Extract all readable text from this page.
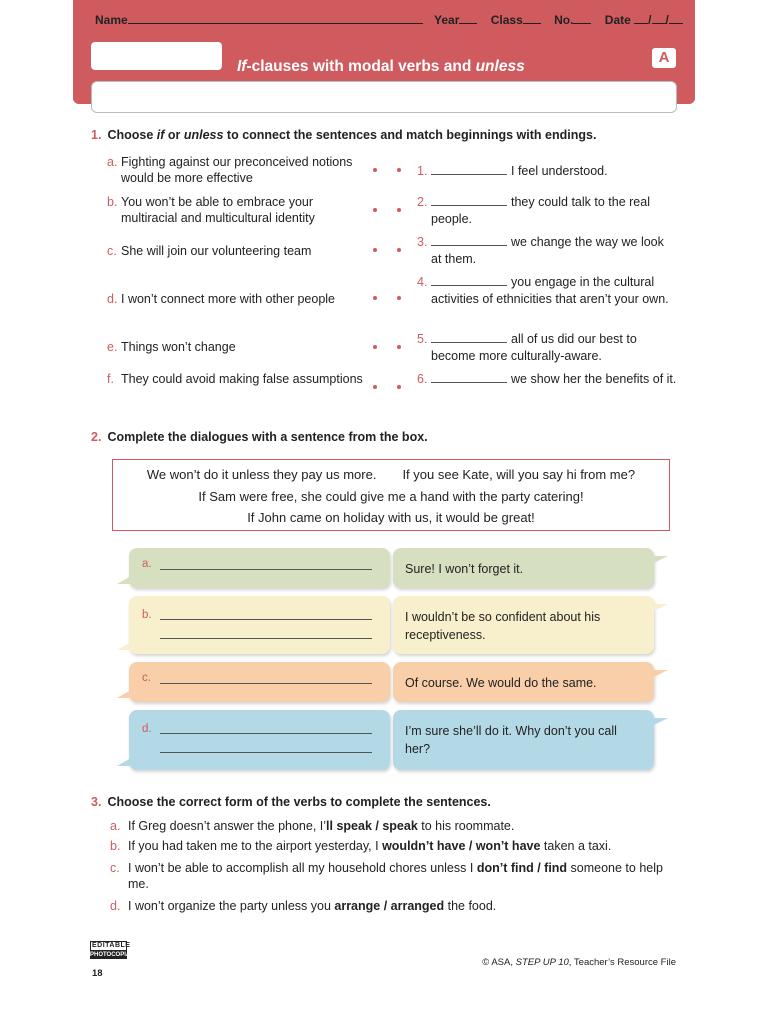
Name	Year	Class	No.	Date / /
If-clauses with modal verbs and unless
A
1. Choose if or unless to connect the sentences and match beginnings with endings.
a. Fighting against our preconceived notions would be more effective
b. You won’t be able to embrace your multiracial and multicultural identity
c. She will join our volunteering team
d. I won’t connect more with other people
e. Things won’t change
f. They could avoid making false assumptions
1.	I feel understood.
2.	they could talk to the real people.
3.	we change the way we look at them.
4.	you engage in the cultural activities of ethnicities that aren’t your own.
5.	all of us did our best to become more culturally-aware.
6.	we show her the benefits of it.
2. Complete the dialogues with a sentence from the box.
We won’t do it unless they pay us more. If you see Kate, will you say hi from me?
If Sam were free, she could give me a hand with the party catering!
If John came on holiday with us, it would be great!
a.	Sure! I won’t forget it.
b.	I wouldn’t be so confident about his receptiveness.
c.	Of course. We would do the same.
d.	I’m sure she’ll do it. Why don’t you call her?
3. Choose the correct form of the verbs to complete the sentences.
a. If Greg doesn’t answer the phone, I’ll speak / speak to his roommate.
b. If you had taken me to the airport yesterday, I wouldn’t have / won’t have taken a taxi.
c. I won’t be able to accomplish all my household chores unless I don’t find / find someone to help me.
d. I won’t organize the party unless you arrange / arranged the food.
EDITABLE
PHOTOCOPIABLE
18
© ASA, STEP UP 10, Teacher’s Resource File
